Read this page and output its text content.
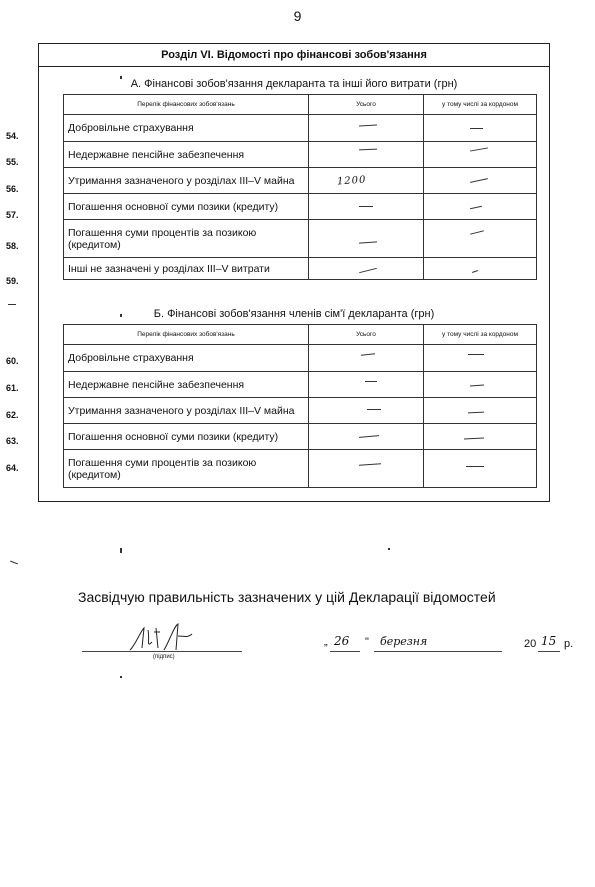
9
Розділ VI. Відомості про фінансові зобов'язання
А. Фінансові зобов'язання декларанта та інші його витрати (грн)
Перелік фінансових зобов'язань	Усього	у тому числі за кордоном
Добровільне страхування	

Недержавне пенсійне забезпечення	

Утримання зазначеного у розділах III–V майна	1200	

Погашення основної суми позики (кредиту)	

Погашення суми процентів за позикою (кредитом)	

Інші не зазначені у розділах III–V витрати	

Б. Фінансові зобов'язання членів сім'ї декларанта (грн)
Перелік фінансових зобов'язань	Усього	у тому числі за кордоном
Добровільне страхування	

Недержавне пенсійне забезпечення	

Утримання зазначеного у розділах III–V майна	

Погашення основної суми позики (кредиту)	

Погашення суми процентів за позикою (кредитом)	

54.
55.
56.
57.
58.
59.
60.
61.
62.
63.
64.
Засвідчую правильність зазначених у цій Декларації відомостей
(підпис)
„ 26 " березня	20 15 р.
